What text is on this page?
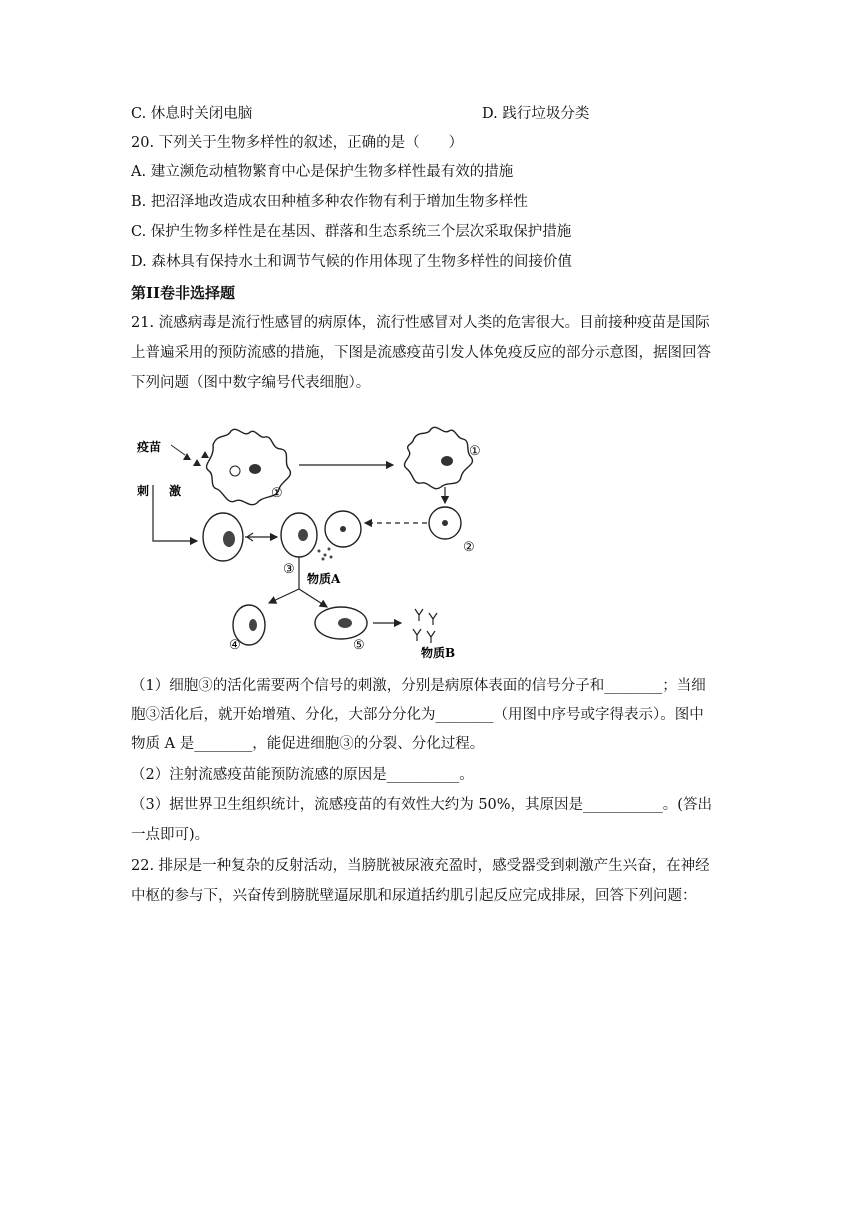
C. 休息时关闭电脑	D. 践行垃圾分类
20. 下列关于生物多样性的叙述，正确的是（　　）
A. 建立濒危动植物繁育中心是保护生物多样性最有效的措施
B. 把沼泽地改造成农田种植多种农作物有利于增加生物多样性
C. 保护生物多样性是在基因、群落和生态系统三个层次采取保护措施
D. 森林具有保持水土和调节气候的作用体现了生物多样性的间接价值
第II卷非选择题
21. 流感病毒是流行性感冒的病原体，流行性感冒对人类的危害很大。目前接种疫苗是国际
上普遍采用的预防流感的措施，下图是流感疫苗引发人体免疫反应的部分示意图，据图回答
下列问题（图中数字编号代表细胞）。
疫苗
刺 激	①
①
②
③
物质A
④	⑤	物质B
（1）细胞③的活化需要两个信号的刺激，分别是病原体表面的信号分子和________；当细
胞③活化后，就开始增殖、分化，大部分分化为________（用图中序号或字得表示）。图中
物质 A 是________，能促进细胞③的分裂、分化过程。
（2）注射流感疫苗能预防流感的原因是__________。
（3）据世界卫生组织统计，流感疫苗的有效性大约为 50%，其原因是___________。(答出
一点即可)。
22. 排尿是一种复杂的反射活动，当膀胱被尿液充盈时，感受器受到刺激产生兴奋，在神经
中枢的参与下，兴奋传到膀胱壁逼尿肌和尿道括约肌引起反应完成排尿，回答下列问题：
